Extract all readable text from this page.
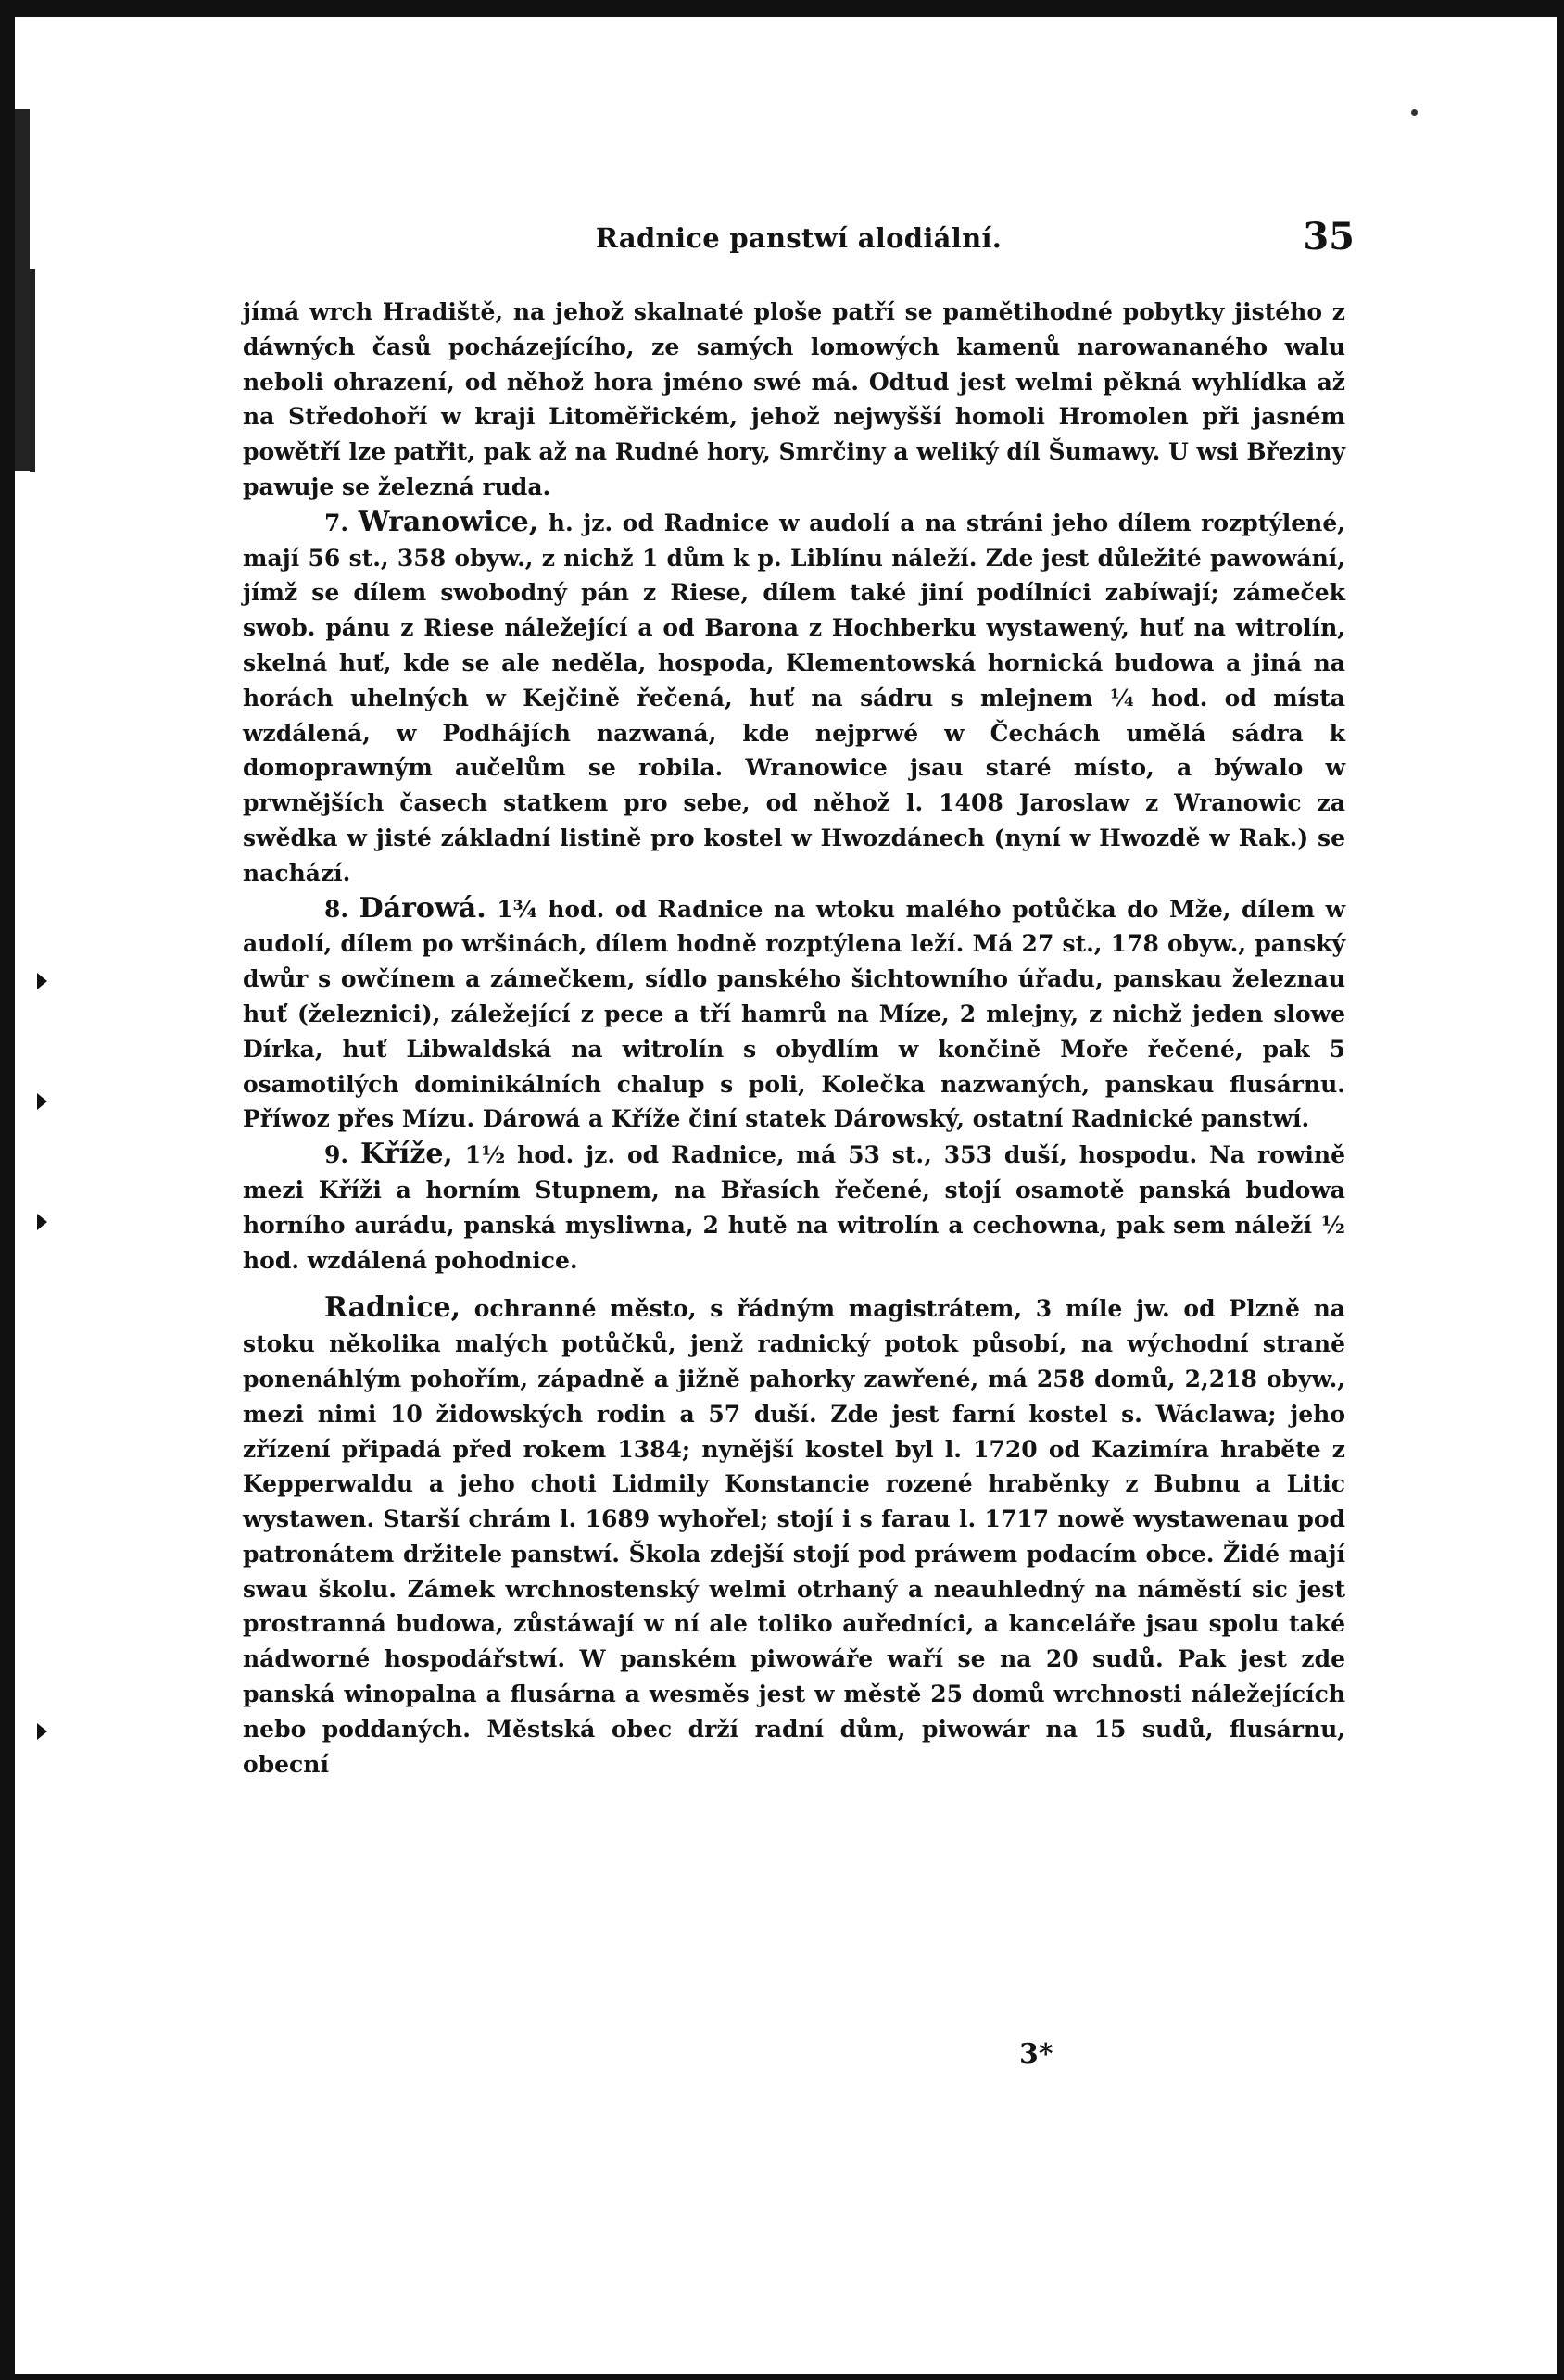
Radnice panstwí alodiální.	35

jímá wrch Hradiště, na jehož skalnaté ploše patří se pamětihodné pobytky jistého z dáwných časů pocházejícího, ze samých lomowých kamenů narowananého walu neboli ohrazení, od něhož hora jméno swé má. Odtud jest welmi pěkná wyhlídka až na Středohoří w kraji Litoměřickém, jehož nejwyšší homoli Hromolen při jasném powětří lze patřit, pak až na Rudné hory, Smrčiny a weliký díl Šumawy. U wsi Březiny pawuje se železná ruda.

7. Wranowice, h. jz. od Radnice w audolí a na stráni jeho dílem rozptýlené, mají 56 st., 358 obyw., z nichž 1 dům k p. Liblínu náleží. Zde jest důležité pawowání, jímž se dílem swobodný pán z Riese, dílem také jiní podílníci zabíwají; zámeček swob. pánu z Riese náležející a od Barona z Hochberku wystawený, huť na witrolín, skelná huť, kde se ale neděla, hospoda, Klementowská hornická budowa a jiná na horách uhelných w Kejčině řečená, huť na sádru s mlejnem ¼ hod. od místa wzdálená, w Podhájích nazwaná, kde nejprwé w Čechách umělá sádra k domoprawným aučelům se robila. Wranowice jsau staré místo, a býwalo w prwnějších časech statkem pro sebe, od něhož l. 1408 Jaroslaw z Wranowic za swědka w jisté základní listině pro kostel w Hwozdánech (nyní w Hwozdě w Rak.) se nachází.

8. Dárowá. 1¾ hod. od Radnice na wtoku malého potůčka do Mže, dílem w audolí, dílem po wršinách, dílem hodně rozptýlena leží. Má 27 st., 178 obyw., panský dwůr s owčínem a zámečkem, sídlo panského šichtowního úřadu, panskau železnau huť (železnici), záležející z pece a tří hamrů na Míze, 2 mlejny, z nichž jeden slowe Dírka, huť Libwaldská na witrolín s obydlím w končině Moře řečené, pak 5 osamotilých dominikálních chalup s poli, Kolečka nazwaných, panskau flusárnu. Příwoz přes Mízu. Dárowá a Kříže činí statek Dárowský, ostatní Radnické panstwí.

9. Kříže, 1½ hod. jz. od Radnice, má 53 st., 353 duší, hospodu. Na rowině mezi Kříži a horním Stupnem, na Břasích řečené, stojí osamotě panská budowa horního aurádu, panská mysliwna, 2 hutě na witrolín a cechowna, pak sem náleží ½ hod. wzdálená pohodnice.

Radnice, ochranné město, s řádným magistrátem, 3 míle jw. od Plzně na stoku několika malých potůčků, jenž radnický potok působí, na wýchodní straně ponenáhlým pohořím, západně a jižně pahorky zawřené, má 258 domů, 2,218 obyw., mezi nimi 10 židowských rodin a 57 duší. Zde jest farní kostel s. Wáclawa; jeho zřízení připadá před rokem 1384; nynější kostel byl l. 1720 od Kazimíra hraběte z Kepperwaldu a jeho choti Lidmily Konstancie rozené hraběnky z Bubnu a Litic wystawen. Starší chrám l. 1689 wyhořel; stojí i s farau l. 1717 nowě wystawenau pod patronátem držitele panstwí. Škola zdejší stojí pod práwem podacím obce. Židé mají swau školu. Zámek wrchnostenský welmi otrhaný a neauhledný na náměstí sic jest prostranná budowa, zůstáwají w ní ale toliko auředníci, a kanceláře jsau spolu také nádworné hospodářstwí. W panském piwowáře waří se na 20 sudů. Pak jest zde panská winopalna a flusárna a wesměs jest w městě 25 domů wrchnosti náležejících nebo poddaných. Městská obec drží radní dům, piwowár na 15 sudů, flusárnu, obecní

3*
